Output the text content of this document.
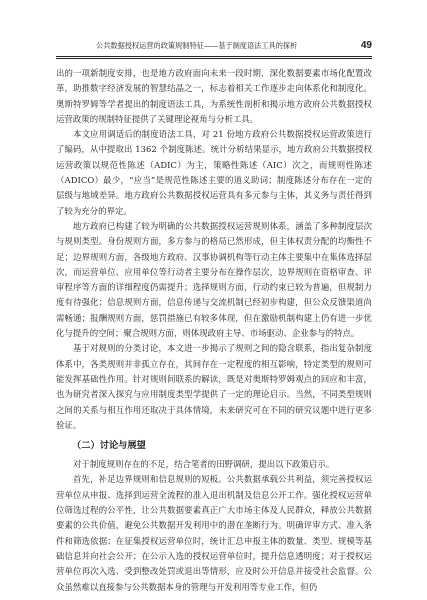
公共数据授权运营的政策规制特征——基于制度语法工具的探析	49

出的一项新制度安排，也是地方政府面向未来一段时期，深化数据要素市场化配置改革，助推数字经济发展的智慧结晶之一，标志着相关工作逐步走向体系化和制度化。奥斯特罗姆等学者提出的制度语法工具，为系统性剖析和揭示地方政府公共数据授权运营政策的规制特征提供了关键理论视角与分析工具。

本文应用调适后的制度语法工具，对 21 份地方政府公共数据授权运营政策进行了编码，从中提取出 1362 个制度陈述。统计分析结果显示，地方政府公共数据授权运营政策以规范性陈述（ADIC）为主，策略性陈述（AIC）次之，而规则性陈述（ADICO）最少，“应当”是规范性陈述主要的道义助词；制度陈述分布存在一定的层级与地域差异。地方政府公共数据授权运营具有多元参与主体，其义务与责任得到了较为充分的界定。

地方政府已构建了较为明确的公共数据授权运营规则体系，涵盖了多种制度层次与规则类型。身份规则方面，多方参与的格局已然形成，但主体权责分配的均衡性不足；边界规则方面，各级地方政府、汉事协调机构等行动主体主要集中在集体选择层次，而运营单位、应用单位等行动者主要分布在操作层次，边界规则在资格审查、评审程序等方面的详细程度仍需提升；选择规则方面，行动约束已较为普遍，但规制力度有待强化；信息规则方面，信息传递与交流机制已经初步构建，但公众反馈渠道尚需畅通；报酬规则方面，惩罚措施已有较多体现，但在激励机制构建上仍有进一步优化与提升的空间；聚合规则方面，则体现政府主导、市场驱动、企业参与的特点。

基于对规则的分类讨论，本文进一步揭示了规则之间的隐含联系，指出复杂制度体系中，各类规则并非孤立存在，其间存在一定程度的相互影响，特定类型的规则可能发挥基础性作用。针对规则间联系的解读，既是对奥斯特罗姆观点的回应和丰富，也为研究者深入探究与应用制度类型学提供了一定的理论启示。当然，不同类型规则之间的关系与相互作用还取决于具体情境，未来研究可在不同的研究议题中进行更多验证。

（二）讨论与展望

对于制度规则存在的不足，结合笔者的田野调研，提出以下政策启示。

首先，补足边界规则和信息规则的短板。公共数据承载公共利益，须完善授权运营单位从申报、选择到运营全流程的准入退出机制及信息公开工作。强化授权运营单位筛选过程的公平性，让公共数据要素真正广大市场主体及人民群众，释放公共数据要素的公共价值，避免公共数据开发利用中的潜在垄断行为。明确评审方式、准入条件和筛选依据；在征集授权运营单位时，统计汇总申报主体的数量、类型、规模等基础信息并向社会公开；在公示入选的授权运营单位时，提升信息透明度；对于授权运营单位再次入选、受到整改处罚或退出等情形，应及时公开信息并接受社会监督。公众虽然难以直接参与公共数据本身的管理与开发利用等专业工作，但仍
